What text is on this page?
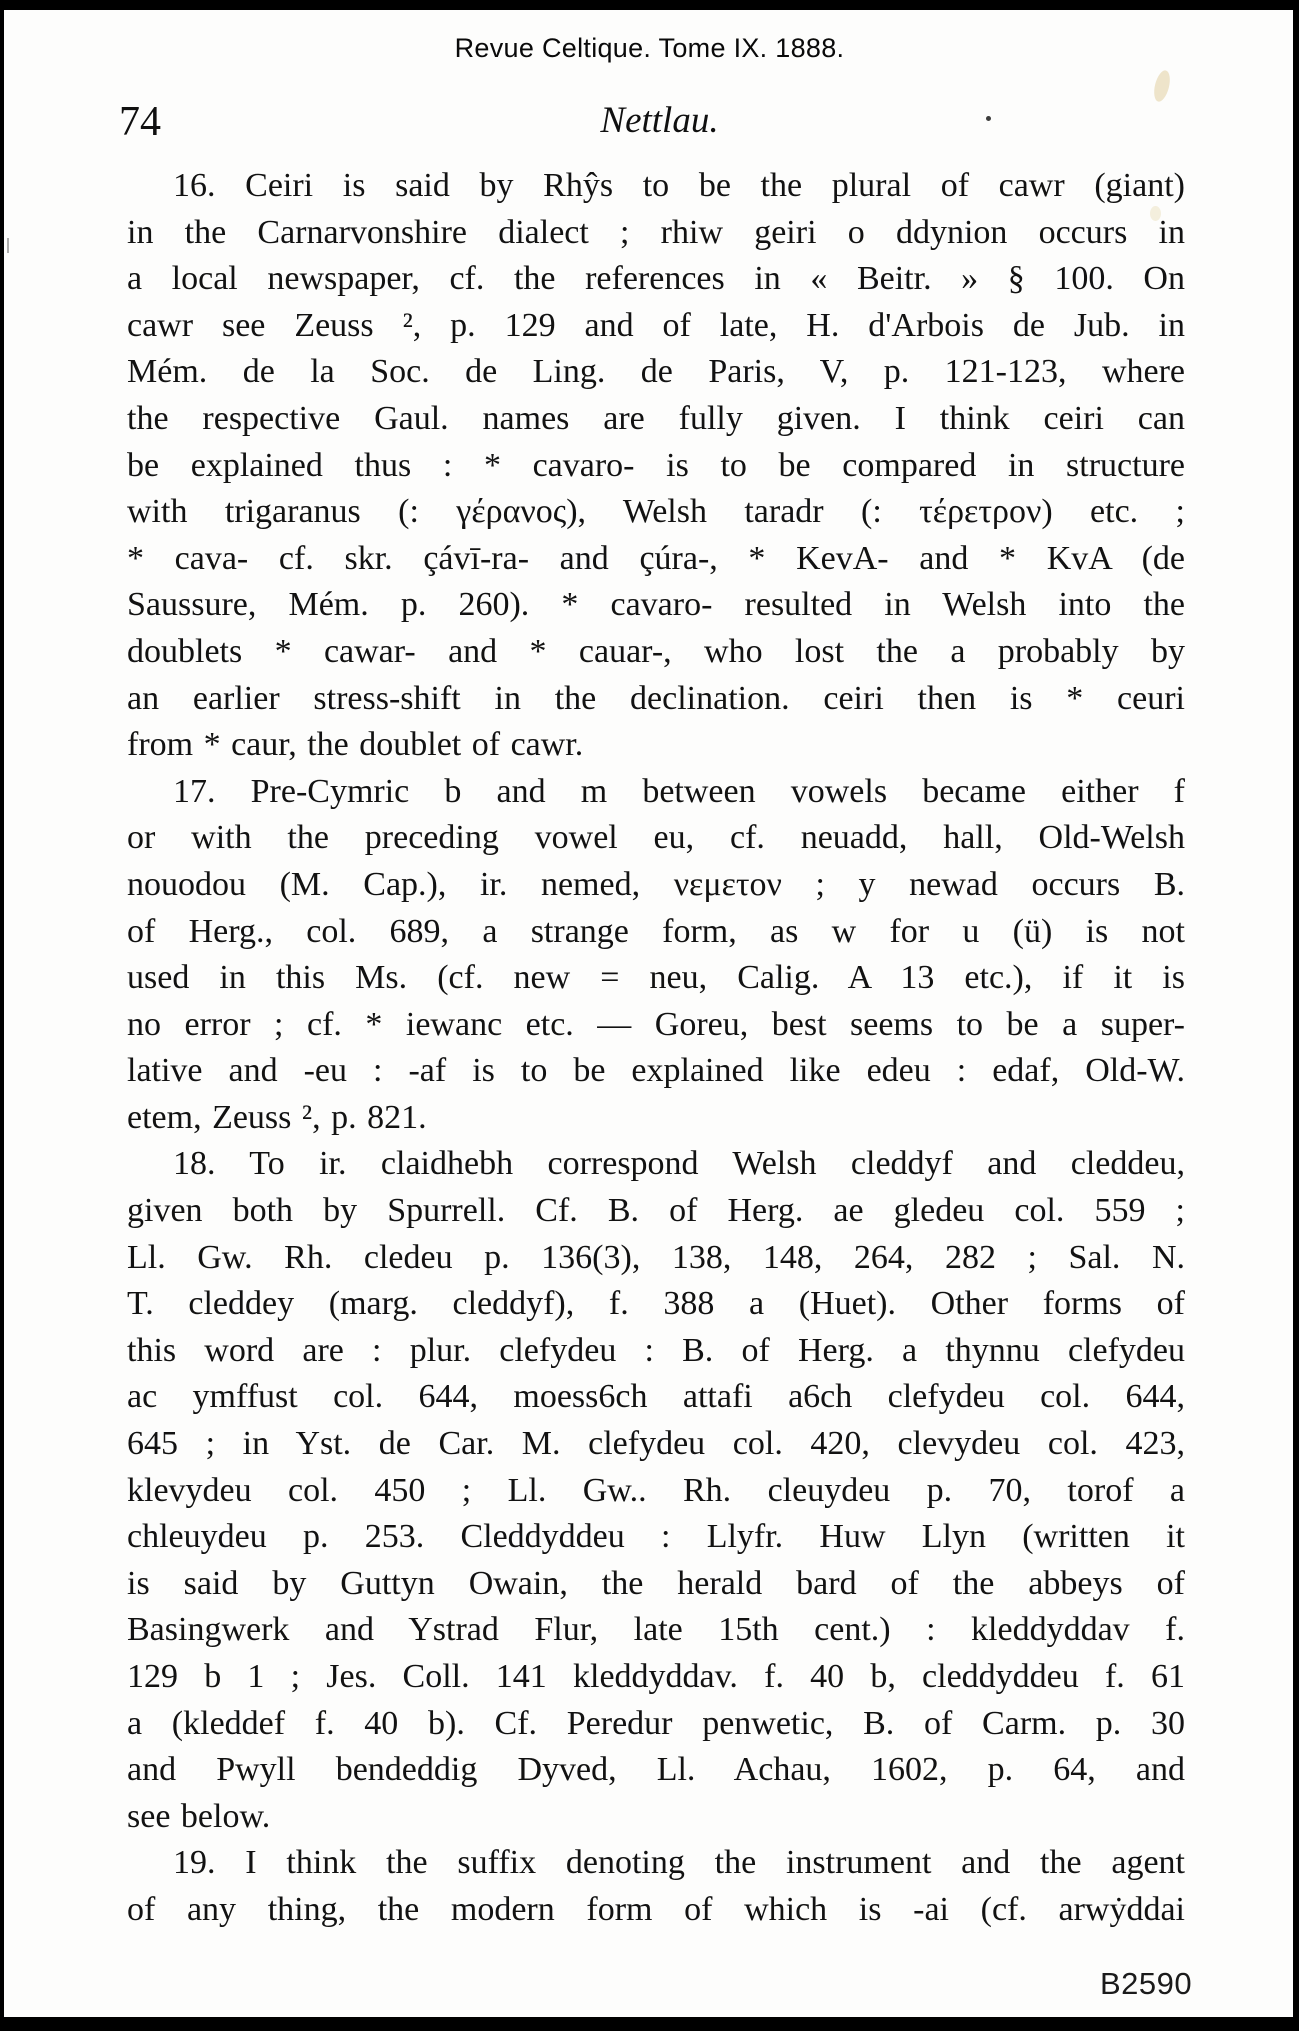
Revue Celtique. Tome IX. 1888.
74	Nettlau.
16. Ceiri is said by Rhŷs to be the plural of cawr (giant)
in the Carnarvonshire dialect ; rhiw geiri o ddynion occurs in
a local newspaper, cf. the references in « Beitr. » § 100. On
cawr see Zeuss ², p. 129 and of late, H. d'Arbois de Jub. in
Mém. de la Soc. de Ling. de Paris, V, p. 121-123, where
the respective Gaul. names are fully given. I think ceiri can
be explained thus : * cavaro- is to be compared in structure
with trigaranus (: γέρανος), Welsh taradr (: τέρετρον) etc. ;
* cava- cf. skr. çávī-ra- and çúra-, * KevA- and * KvA (de
Saussure, Mém. p. 260). * cavaro- resulted in Welsh into the
doublets * cawar- and * cauar-, who lost the a probably by
an earlier stress-shift in the declination. ceiri then is * ceuri
from * caur, the doublet of cawr.
17. Pre-Cymric b and m between vowels became either f
or with the preceding vowel eu, cf. neuadd, hall, Old-Welsh
nouodou (M. Cap.), ir. nemed, νεμετον ; y newad occurs B.
of Herg., col. 689, a strange form, as w for u (ü) is not
used in this Ms. (cf. new = neu, Calig. A 13 etc.), if it is
no error ; cf. * iewanc etc. — Goreu, best seems to be a super-
lative and -eu : -af is to be explained like edeu : edaf, Old-W.
etem, Zeuss ², p. 821.
18. To ir. claidhebh correspond Welsh cleddyf and cleddeu,
given both by Spurrell. Cf. B. of Herg. ae gledeu col. 559 ;
Ll. Gw. Rh. cledeu p. 136(3), 138, 148, 264, 282 ; Sal. N.
T. cleddey (marg. cleddyf), f. 388 a (Huet). Other forms of
this word are : plur. clefydeu : B. of Herg. a thynnu clefydeu
ac ymffust col. 644, moess6ch attafi a6ch clefydeu col. 644,
645 ; in Yst. de Car. M. clefydeu col. 420, clevydeu col. 423,
klevydeu col. 450 ; Ll. Gw.. Rh. cleuydeu p. 70, torof a
chleuydeu p. 253. Cleddyddeu : Llyfr. Huw Llyn (written it
is said by Guttyn Owain, the herald bard of the abbeys of
Basingwerk and Ystrad Flur, late 15th cent.) : kleddyddav f.
129 b 1 ; Jes. Coll. 141 kleddyddav. f. 40 b, cleddyddeu f. 61
a (kleddef f. 40 b). Cf. Peredur penwetic, B. of Carm. p. 30
and Pwyll bendeddig Dyved, Ll. Achau, 1602, p. 64, and
see below.
19. I think the suffix denoting the instrument and the agent
of any thing, the modern form of which is -ai (cf. arwẏddai
B2590
